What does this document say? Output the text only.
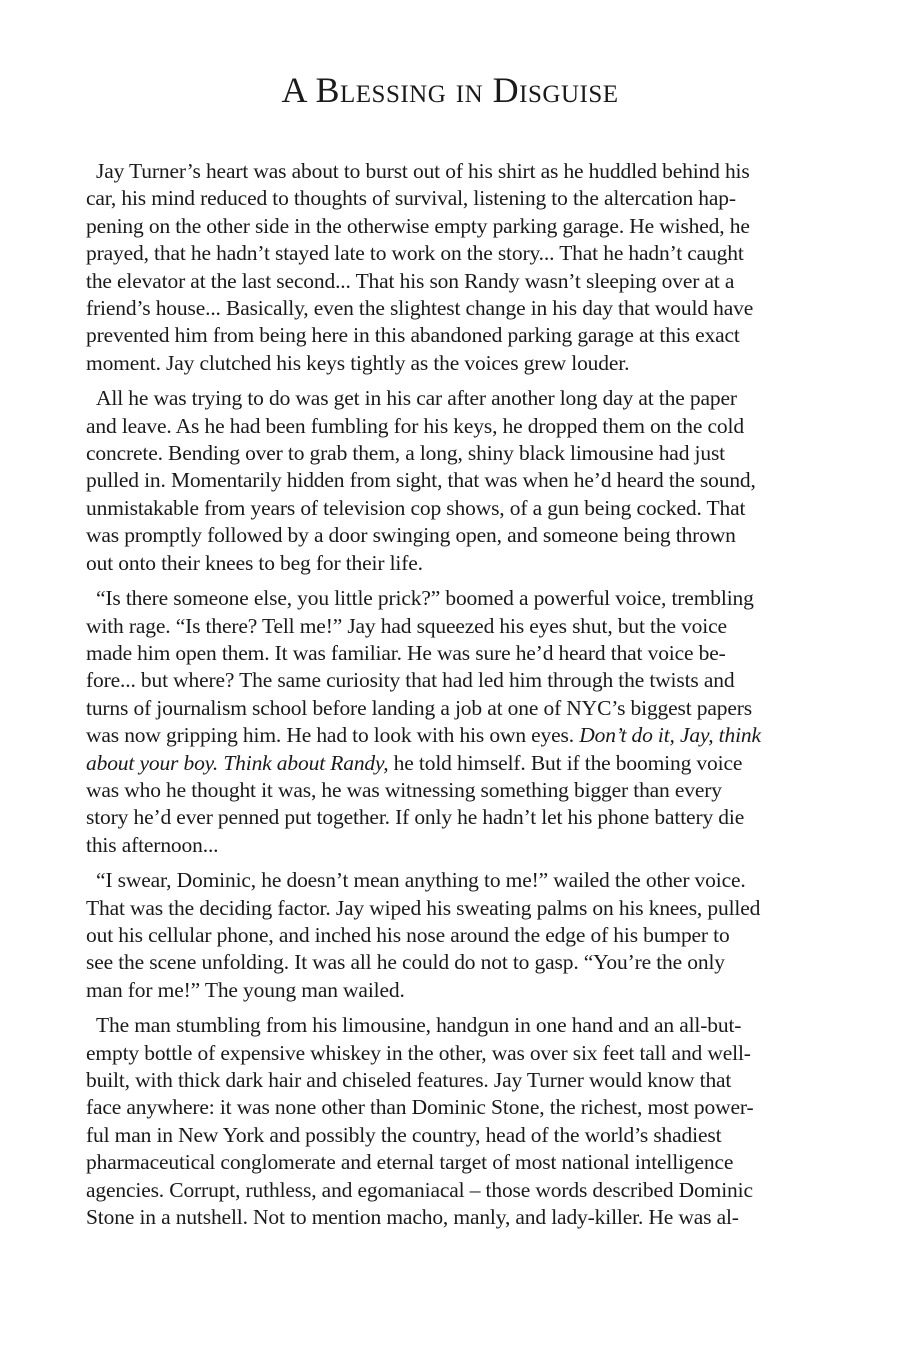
A Blessing in Disguise

Jay Turner’s heart was about to burst out of his shirt as he huddled behind his
car, his mind reduced to thoughts of survival, listening to the altercation hap-
pening on the other side in the otherwise empty parking garage. He wished, he
prayed, that he hadn’t stayed late to work on the story... That he hadn’t caught
the elevator at the last second... That his son Randy wasn’t sleeping over at a
friend’s house... Basically, even the slightest change in his day that would have
prevented him from being here in this abandoned parking garage at this exact
moment. Jay clutched his keys tightly as the voices grew louder.

All he was trying to do was get in his car after another long day at the paper
and leave. As he had been fumbling for his keys, he dropped them on the cold
concrete. Bending over to grab them, a long, shiny black limousine had just
pulled in. Momentarily hidden from sight, that was when he’d heard the sound,
unmistakable from years of television cop shows, of a gun being cocked. That
was promptly followed by a door swinging open, and someone being thrown
out onto their knees to beg for their life.

“Is there someone else, you little prick?” boomed a powerful voice, trembling
with rage. “Is there? Tell me!” Jay had squeezed his eyes shut, but the voice
made him open them. It was familiar. He was sure he’d heard that voice be-
fore... but where? The same curiosity that had led him through the twists and
turns of journalism school before landing a job at one of NYC’s biggest papers
was now gripping him. He had to look with his own eyes. Don’t do it, Jay, think
about your boy. Think about Randy, he told himself. But if the booming voice
was who he thought it was, he was witnessing something bigger than every
story he’d ever penned put together. If only he hadn’t let his phone battery die
this afternoon...

“I swear, Dominic, he doesn’t mean anything to me!” wailed the other voice.
That was the deciding factor. Jay wiped his sweating palms on his knees, pulled
out his cellular phone, and inched his nose around the edge of his bumper to
see the scene unfolding. It was all he could do not to gasp. “You’re the only
man for me!” The young man wailed.

The man stumbling from his limousine, handgun in one hand and an all-but-
empty bottle of expensive whiskey in the other, was over six feet tall and well-
built, with thick dark hair and chiseled features. Jay Turner would know that
face anywhere: it was none other than Dominic Stone, the richest, most power-
ful man in New York and possibly the country, head of the world’s shadiest
pharmaceutical conglomerate and eternal target of most national intelligence
agencies. Corrupt, ruthless, and egomaniacal – those words described Dominic
Stone in a nutshell. Not to mention macho, manly, and lady-killer. He was al-
